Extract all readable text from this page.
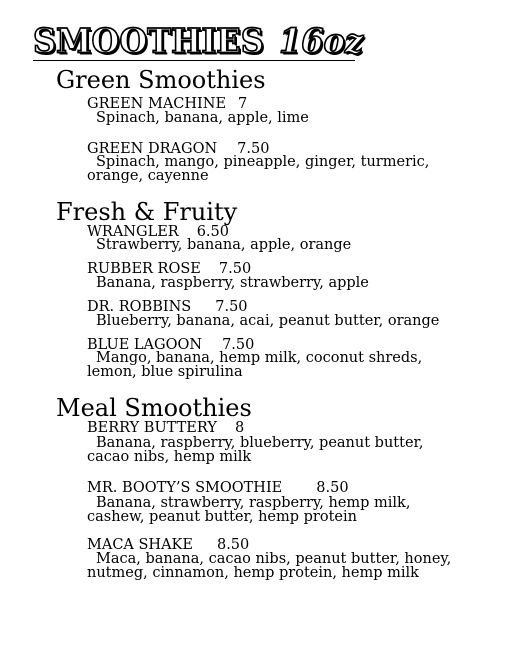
SMOOTHIES 16oz
Green Smoothies
GREEN MACHINE 7
Spinach, banana, apple, lime
GREEN DRAGON 7.50
Spinach, mango, pineapple, ginger, turmeric, orange, cayenne
Fresh & Fruity
WRANGLER 6.50
Strawberry, banana, apple, orange
RUBBER ROSE 7.50
Banana, raspberry, strawberry, apple
DR. ROBBINS 7.50
Blueberry, banana, acai, peanut butter, orange
BLUE LAGOON 7.50
Mango, banana, hemp milk, coconut shreds, lemon, blue spirulina
Meal Smoothies
BERRY BUTTERY 8
Banana, raspberry, blueberry, peanut butter, cacao nibs, hemp milk
MR. BOOTY’S SMOOTHIE 8.50
Banana, strawberry, raspberry, hemp milk, cashew, peanut butter, hemp protein
MACA SHAKE 8.50
Maca, banana, cacao nibs, peanut butter, honey, nutmeg, cinnamon, hemp protein, hemp milk
